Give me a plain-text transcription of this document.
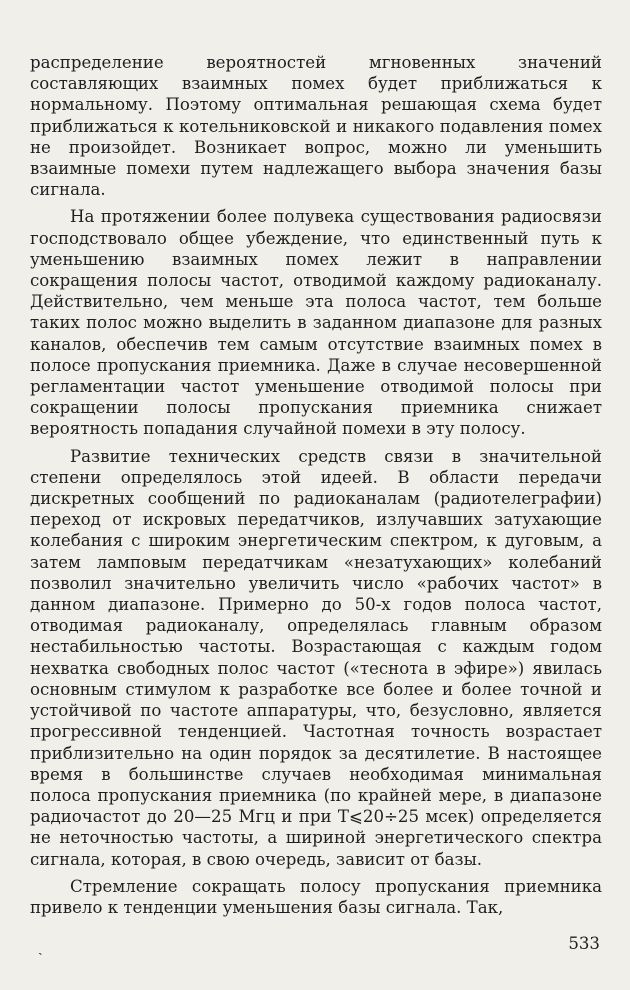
распределение вероятностей мгновенных значений составляющих взаимных помех будет приближаться к нормальному. Поэтому оптимальная решающая схема будет приближаться к котельниковской и никакого подавления помех не произойдет. Возникает вопрос, можно ли уменьшить взаимные помехи путем надлежащего выбора значения базы сигнала.

На протяжении более полувека существования радиосвязи господствовало общее убеждение, что единственный путь к уменьшению взаимных помех лежит в направлении сокращения полосы частот, отводимой каждому радиоканалу. Действительно, чем меньше эта полоса частот, тем больше таких полос можно выделить в заданном диапазоне для разных каналов, обеспечив тем самым отсутствие взаимных помех в полосе пропускания приемника. Даже в случае несовершенной регламентации частот уменьшение отводимой полосы при сокращении полосы пропускания приемника снижает вероятность попадания случайной помехи в эту полосу.

Развитие технических средств связи в значительной степени определялось этой идеей. В области передачи дискретных сообщений по радиоканалам (радиотелеграфии) переход от искровых передатчиков, излучавших затухающие колебания с широким энергетическим спектром, к дуговым, а затем ламповым передатчикам «незатухающих» колебаний позволил значительно увеличить число «рабочих частот» в данном диапазоне. Примерно до 50-х годов полоса частот, отводимая радиоканалу, определялась главным образом нестабильностью частоты. Возрастающая с каждым годом нехватка свободных полос частот («теснота в эфире») явилась основным стимулом к разработке все более и более точной и устойчивой по частоте аппаратуры, что, безусловно, является прогрессивной тенденцией. Частотная точность возрастает приблизительно на один порядок за десятилетие. В настоящее время в большинстве случаев необходимая минимальная полоса пропускания приемника (по крайней мере, в диапазоне радиочастот до 20—25 Мгц и при T⩽20÷25 мсек) определяется не неточностью частоты, а шириной энергетического спектра сигнала, которая, в свою очередь, зависит от базы.

Стремление сокращать полосу пропускания приемника привело к тенденции уменьшения базы сигнала. Так,

ˎ	533
